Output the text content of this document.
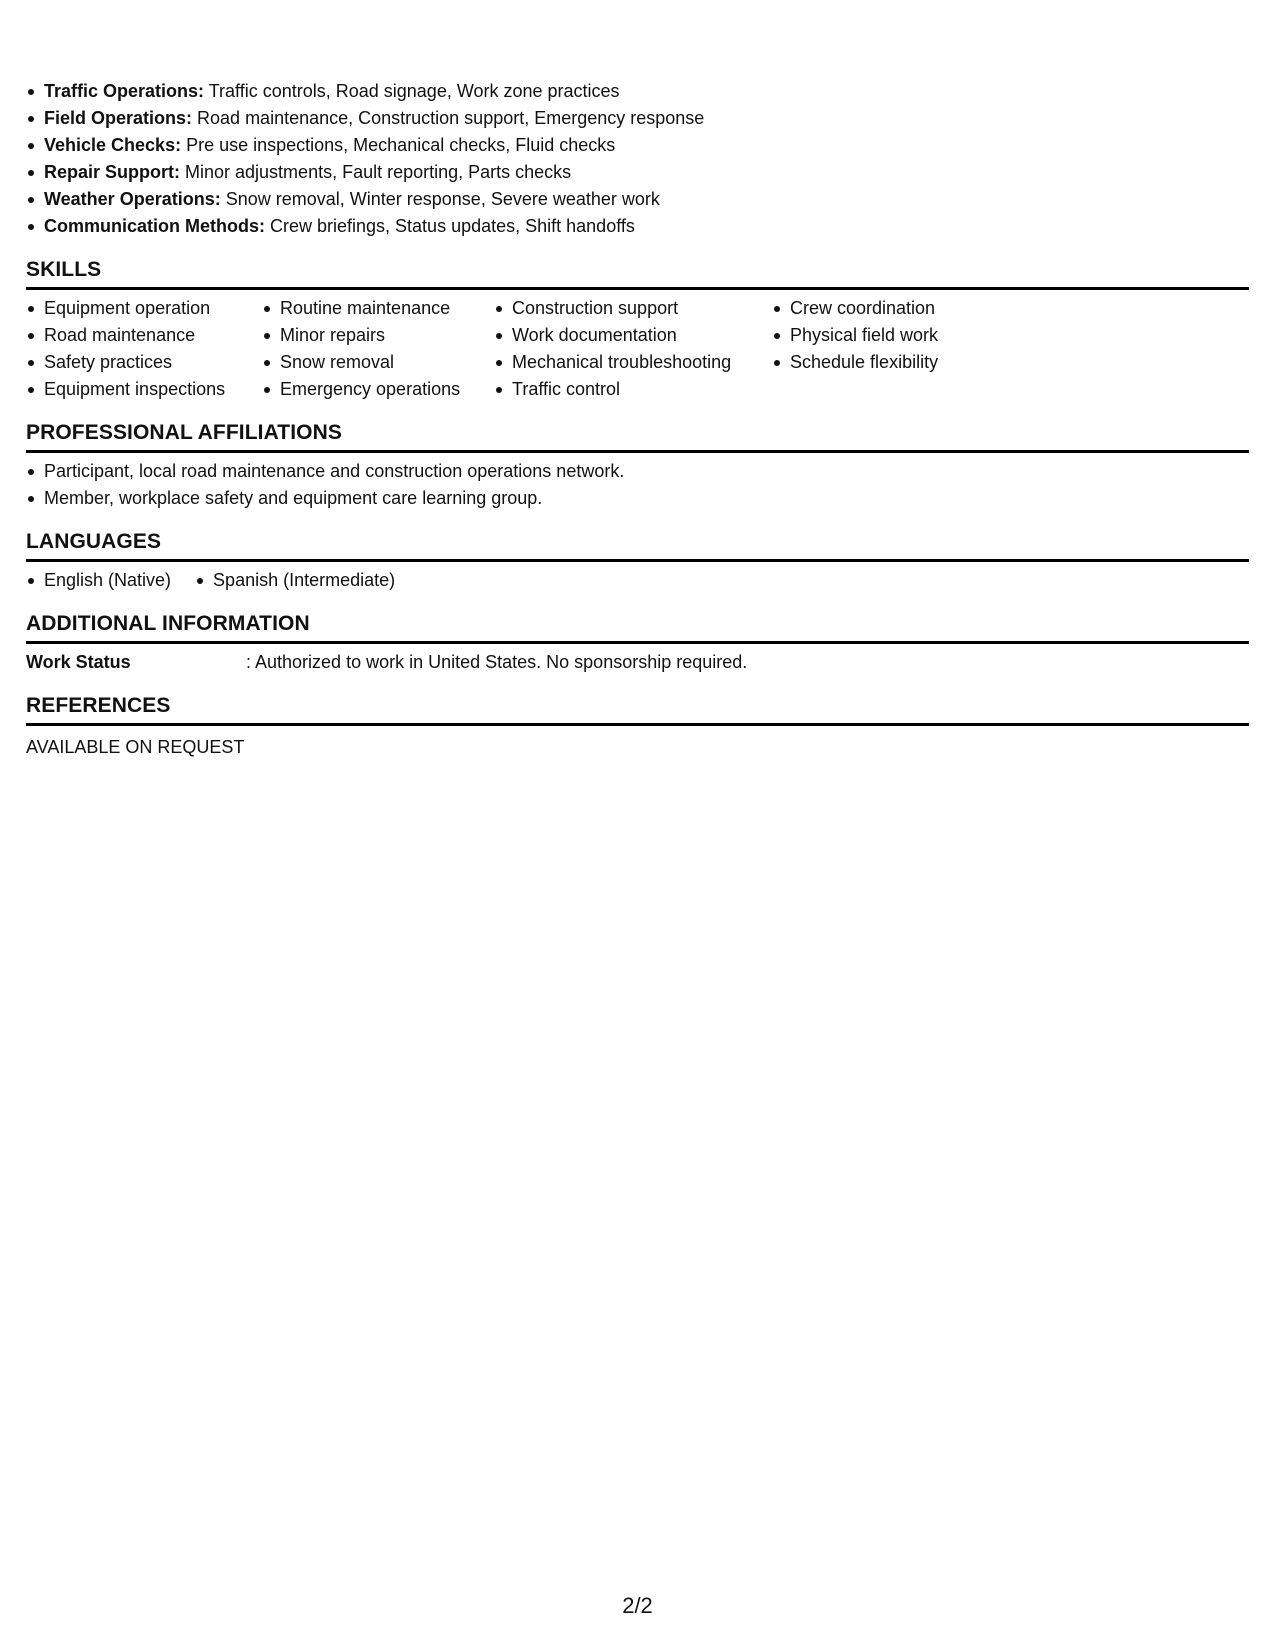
Traffic Operations: Traffic controls, Road signage, Work zone practices
Field Operations: Road maintenance, Construction support, Emergency response
Vehicle Checks: Pre use inspections, Mechanical checks, Fluid checks
Repair Support: Minor adjustments, Fault reporting, Parts checks
Weather Operations: Snow removal, Winter response, Severe weather work
Communication Methods: Crew briefings, Status updates, Shift handoffs
SKILLS
Equipment operation
Road maintenance
Safety practices
Equipment inspections
Routine maintenance
Minor repairs
Snow removal
Emergency operations
Construction support
Work documentation
Mechanical troubleshooting
Traffic control
Crew coordination
Physical field work
Schedule flexibility
PROFESSIONAL AFFILIATIONS
Participant, local road maintenance and construction operations network.
Member, workplace safety and equipment care learning group.
LANGUAGES
English (Native)	Spanish (Intermediate)
ADDITIONAL INFORMATION
Work Status	: Authorized to work in United States. No sponsorship required.
REFERENCES
AVAILABLE ON REQUEST
2/2
